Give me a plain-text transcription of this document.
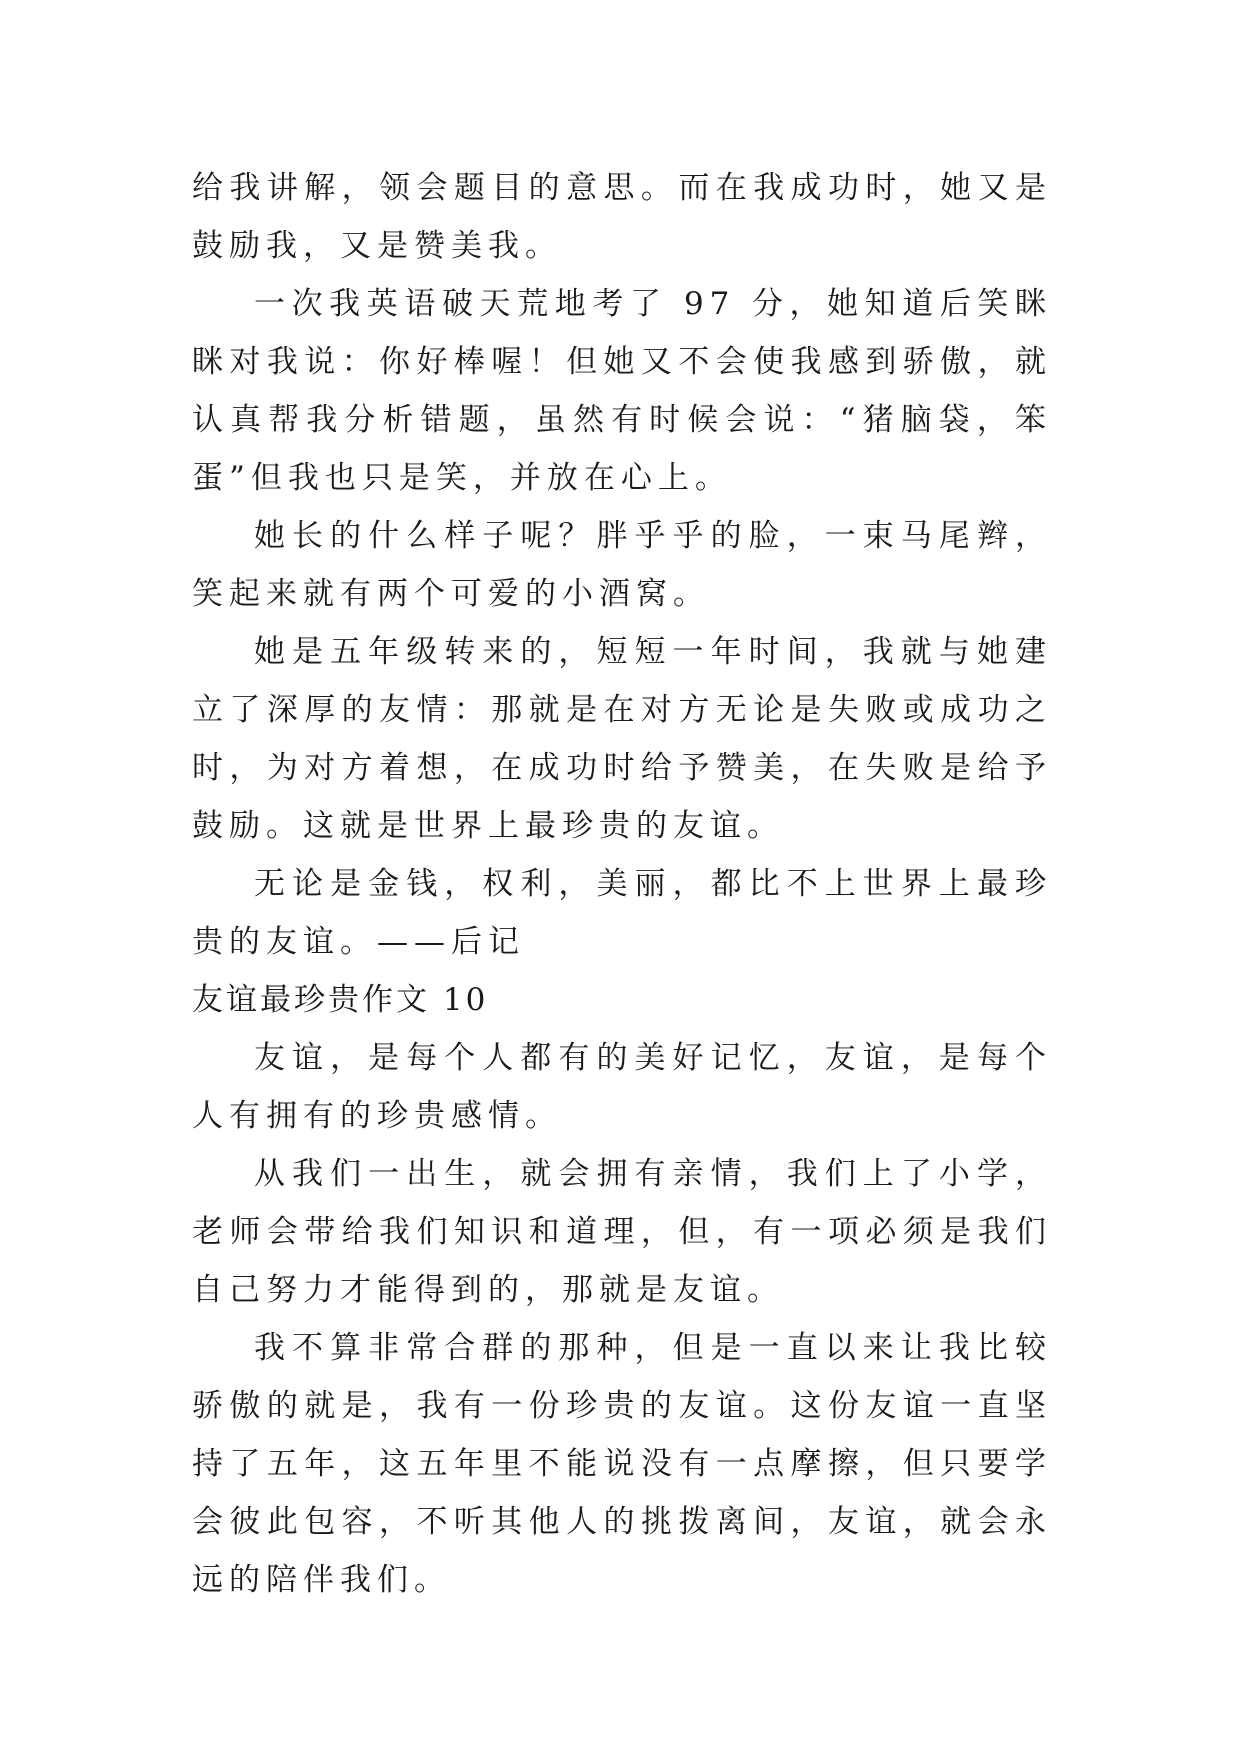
给我讲解，领会题目的意思。而在我成功时，她又是鼓励我，又是赞美我。

一次我英语破天荒地考了 97 分，她知道后笑眯眯对我说：你好棒喔！但她又不会使我感到骄傲，就认真帮我分析错题，虽然有时候会说：“猪脑袋，笨蛋”但我也只是笑，并放在心上。

她长的什么样子呢？胖乎乎的脸，一束马尾辫，笑起来就有两个可爱的小酒窝。

她是五年级转来的，短短一年时间，我就与她建立了深厚的友情：那就是在对方无论是失败或成功之时，为对方着想，在成功时给予赞美，在失败是给予鼓励。这就是世界上最珍贵的友谊。

无论是金钱，权利，美丽，都比不上世界上最珍贵的友谊。——后记

友谊最珍贵作文 10

友谊，是每个人都有的美好记忆，友谊，是每个人有拥有的珍贵感情。

从我们一出生，就会拥有亲情，我们上了小学，老师会带给我们知识和道理，但，有一项必须是我们自己努力才能得到的，那就是友谊。

我不算非常合群的那种，但是一直以来让我比较骄傲的就是，我有一份珍贵的友谊。这份友谊一直坚持了五年，这五年里不能说没有一点摩擦，但只要学会彼此包容，不听其他人的挑拨离间，友谊，就会永远的陪伴我们。
